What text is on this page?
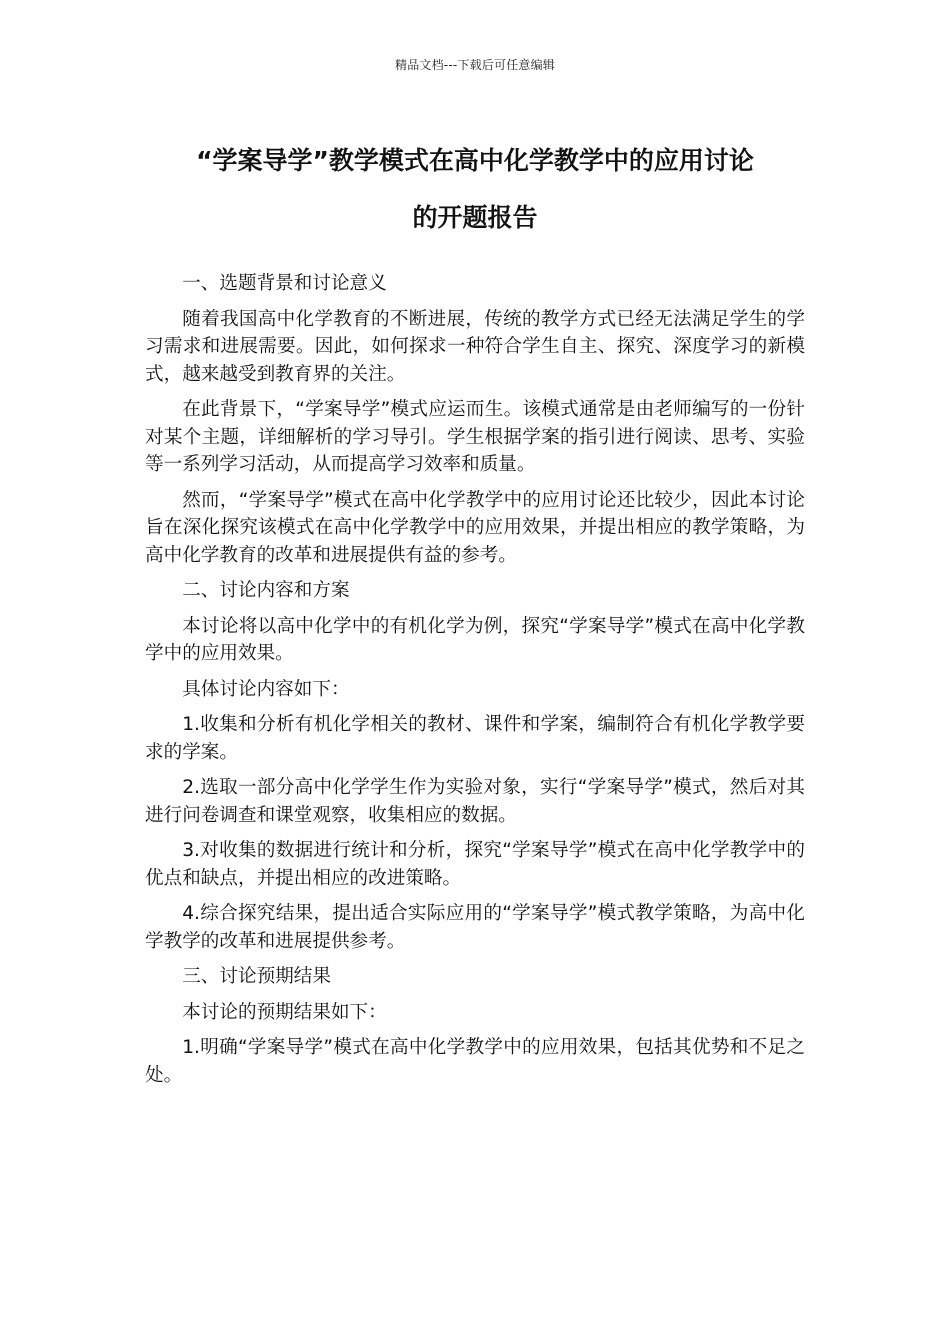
精品文档---下载后可任意编辑
“学案导学”教学模式在高中化学教学中的应用讨论
的开题报告

一、选题背景和讨论意义

随着我国高中化学教育的不断进展，传统的教学方式已经无法满足学生的学习需求和进展需要。因此，如何探求一种符合学生自主、探究、深度学习的新模式，越来越受到教育界的关注。

在此背景下，“学案导学”模式应运而生。该模式通常是由老师编写的一份针对某个主题，详细解析的学习导引。学生根据学案的指引进行阅读、思考、实验等一系列学习活动，从而提高学习效率和质量。

然而，“学案导学”模式在高中化学教学中的应用讨论还比较少，因此本讨论旨在深化探究该模式在高中化学教学中的应用效果，并提出相应的教学策略，为高中化学教育的改革和进展提供有益的参考。

二、讨论内容和方案

本讨论将以高中化学中的有机化学为例，探究“学案导学”模式在高中化学教学中的应用效果。

具体讨论内容如下：

1.收集和分析有机化学相关的教材、课件和学案，编制符合有机化学教学要求的学案。

2.选取一部分高中化学学生作为实验对象，实行“学案导学”模式，然后对其进行问卷调查和课堂观察，收集相应的数据。

3.对收集的数据进行统计和分析，探究“学案导学”模式在高中化学教学中的优点和缺点，并提出相应的改进策略。

4.综合探究结果，提出适合实际应用的“学案导学”模式教学策略，为高中化学教学的改革和进展提供参考。

三、讨论预期结果

本讨论的预期结果如下：

1.明确“学案导学”模式在高中化学教学中的应用效果，包括其优势和不足之处。
